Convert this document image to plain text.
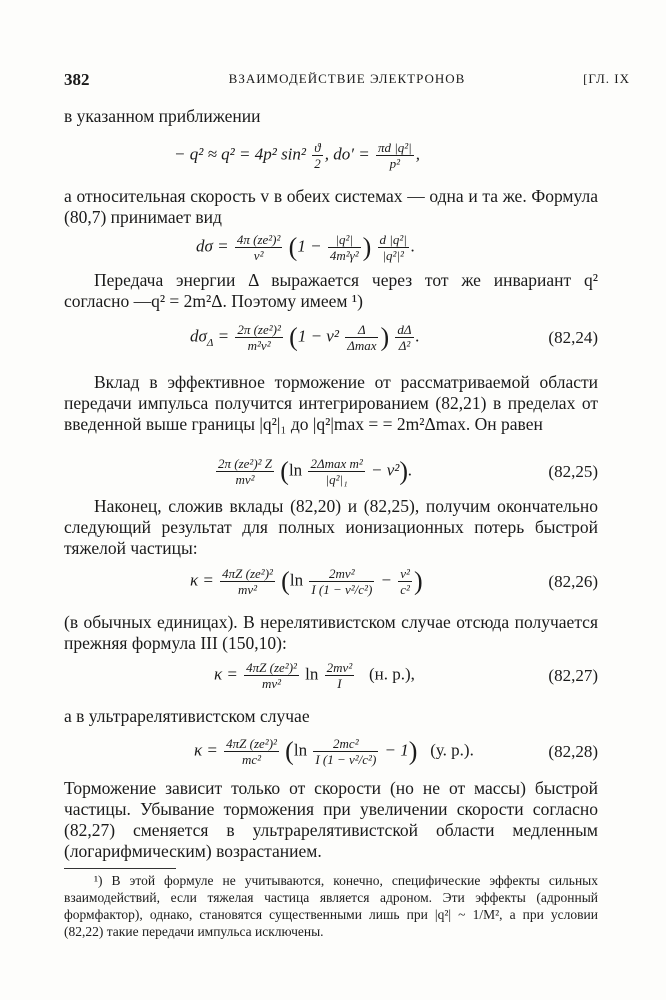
382	ВЗАИМОДЕЙСТВИЕ ЭЛЕКТРОНОВ	[ГЛ. IX
в указанном приближении
− q² ≈ q² = 4p² $\sin^2 \frac{ϑ}{2}$ , $do' = \frac{\text{πd |q²|}}{\text{p²}}$ ,
а относительная скорость v в обеих системах — одна и та же. Формула (80,7) принимает вид
$d\sigma = \frac{\text{4π (ze²)²}}{\text{v²}} (1 - \frac{\text{|q²|}}{\text{4m²γ²}}$ ) $\frac{\text{d |q²|}}{\text{|q²|²}}$ .
Передача энергии Δ выражается через тот же инвариант q² согласно —q² = 2m²Δ. Поэтому имеем ¹)
$d\sigma_\Delta = \frac{\text{2π (ze²)²}}{\text{m²v²}} (1 - v^2 \frac{\Delta}{\Delta\max}$ ) $\frac{d\Delta}{\text{Δ²}}$ .	(82,24)
Вклад в эффективное торможение от рассматриваемой области передачи импульса получится интегрированием (82,21) в пределах от введенной выше границы |q²|₁ до |q²|max = = 2m²Δmax. Он равен
$\frac{\text{2π (ze²)² Z}}{\text{mv²}} (\ln \frac{\text{2Δmax m²}}{\text{|q²|₁}} - v^2)$.	(82,25)
Наконец, сложив вклады (82,20) и (82,25), получим окончательно следующий результат для полных ионизационных потерь быстрой тяжелой частицы:
$\kappa = \frac{\text{4πZ (ze²)²}}{\text{mv²}} (\ln \frac{\text{2mv²}}{\text{I (1 − v²/c²)}} - \frac{\text{v²}}{\text{c²}}$ )	(82,26)
(в обычных единицах). В нерелятивистском случае отсюда получается прежняя формула III (150,10):
$\kappa = \frac{\text{4πZ (ze²)²}}{\text{mv²}}$ $\ln \frac{\text{2mv²}}{I} (н$. р.),	(82,27)
а в ультрарелятивистском случае
$\kappa = \frac{\text{4πZ (ze²)²}}{\text{mc²}} (\ln \frac{\text{2mc²}}{\text{I (1 − v²/c²)}} - 1)$ (у. р.).	(82,28)
Торможение зависит только от скорости (но не от массы) быстрой частицы. Убывание торможения при увеличении скорости согласно (82,27) сменяется в ультрарелятивистской области медленным (логарифмическим) возрастанием.
¹) В этой формуле не учитываются, конечно, специфические эффекты сильных взаимодействий, если тяжелая частица является адроном. Эти эффекты (адронный формфактор), однако, становятся существенными лишь при |q²| ~ 1/M², а при условии (82,22) такие передачи импульса исключены.
